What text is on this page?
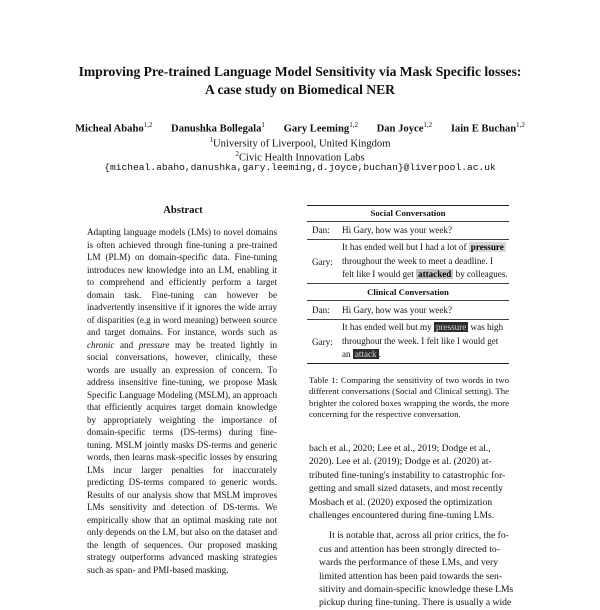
Improving Pre-trained Language Model Sensitivity via Mask Specific losses:
A case study on Biomedical NER
Micheal Abaho$^{1,2}$ Danushka Bollegala$^1$ Gary Leeming$^{1,2}$ Dan Joyce$^{1,2}$ Iain E Buchan$^{1,2}$
$^1$University of Liverpool, United Kingdom
$^2$Civic Health Innovation Labs
{micheal.abaho,danushka,gary.leeming,d.joyce,buchan}@liverpool.ac.uk
Abstract
Adapting language models (LMs) to novel domains is often achieved through fine-tuning a pre-trained LM (PLM) on domain-specific data. Fine-tuning introduces new knowledge into an LM, enabling it to comprehend and efficiently perform a target domain task. Fine-tuning can however be inadvertently insensitive if it ignores the wide array of disparities (e.g in word meaning) between source and target domains. For instance, words such as chronic and pressure may be treated lightly in social conversations, however, clinically, these words are usually an expression of concern. To address insensitive fine-tuning, we propose Mask Specific Language Modeling (MSLM), an approach that efficiently acquires target domain knowledge by appropriately weighting the importance of domain-specific terms (DS-terms) during fine-tuning. MSLM jointly masks DS-terms and generic words, then learns mask-specific losses by ensuring LMs incur larger penalties for inaccurately predicting DS-terms compared to generic words. Results of our analysis show that MSLM improves LMs sensitivity and detection of DS-terms. We empirically show that an optimal masking rate not only depends on the LM, but also on the dataset and the length of sequences. Our proposed masking strategy outperforms advanced masking strategies such as span- and PMI-based masking.
Social Conversation
Dan: Hi Gary, how was your week?
Gary:
It has ended well but I had a lot of pressure
throughout the week to meet a deadline. I
felt like I would get attacked by colleagues.
Clinical Conversation
Dan: Hi Gary, how was your week?
Gary:
It has ended well but my pressure was high
throughout the week. I felt like I would get
an attack .
Table 1: Comparing the sensitivity of two words in two different conversations (Social and Clinical setting). The brighter the colored boxes wrapping the words, the more concerning for the respective conversation.

bach et al., 2020; Lee et al., 2019; Dodge et al.,
2020). Lee et al. (2019); Dodge et al. (2020) at-
tributed fine-tuning's instability to catastrophic for-
getting and small sized datasets, and most recently
Mosbach et al. (2020) exposed the optimization
challenges encountered during fine-tuning LMs.

It is notable that, across all prior critics, the fo-
cus and attention has been strongly directed to-
wards the performance of these LMs, and very
limited attention has been paid towards the sen-
sitivity and domain-specific knowledge these LMs
pickup during fine-tuning. There is usually a wide
